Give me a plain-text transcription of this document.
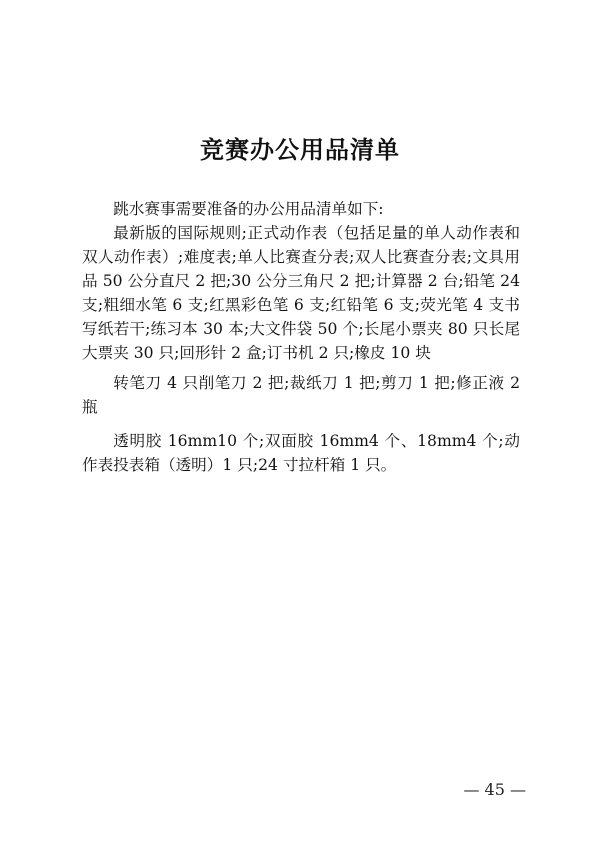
竞赛办公用品清单

跳水赛事需要准备的办公用品清单如下:

最新版的国际规则;正式动作表（包括足量的单人动作表和双人动作表）;难度表;单人比赛查分表;双人比赛查分表;文具用品 50 公分直尺 2 把;30 公分三角尺 2 把;计算器 2 台;铅笔 24 支;粗细水笔 6 支;红黑彩色笔 6 支;红铅笔 6 支;荧光笔 4 支书写纸若干;练习本 30 本;大文件袋 50 个;长尾小票夹 80 只长尾大票夹 30 只;回形针 2 盒;订书机 2 只;橡皮 10 块

转笔刀 4 只削笔刀 2 把;裁纸刀 1 把;剪刀 1 把;修正液 2 瓶

透明胶 16mm10 个;双面胶 16mm4 个、18mm4 个;动作表投表箱（透明）1 只;24 寸拉杆箱 1 只。

— 45 —
